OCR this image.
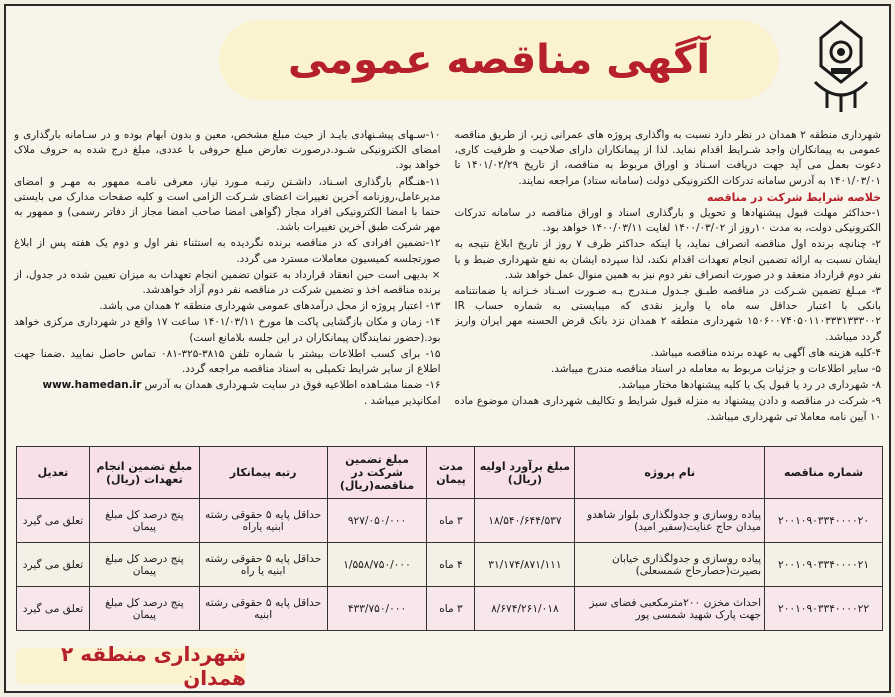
آگهی مناقصه عمومی

شهرداری منطقه ۲ همدان در نظر دارد نسبت به واگذاری پروژه های عمرانی زیر، از طریق مناقصه عمومی به پیمانکاران واجد شـرایط اقدام نماید. لذا از پیمانکاران دارای صلاحیت و ظرفیت کاری، دعوت بعمل می آید جهت دریافت اسـناد و اوراق مربوط به مناقصه، از تاریخ ۱۴۰۱/۰۲/۲۹ تا ۱۴۰۱/۰۳/۰۱ به آدرس سامانه تدرکات الکترونیکی دولت (سامانه ستاد) مراجعه نمایند.

خلاصه شرایط شرکت در مناقصه

۱-حداکثر مهلت قبول پیشنهادها و تحویل و بارگذاری اسناد و اوراق مناقصه در سامانه تدرکات الکترونیکی دولت، به مدت ۱۰روز از ۱۴۰۰/۰۳/۰۲ لغایت ۱۴۰۰/۰۳/۱۱ خواهد بود.

۲- چنانچه برنده اول مناقصه انصراف نماید، یا اینکه حداکثر ظرف ۷ روز از تاریخ ابلاغ نتیجه به ایشان نسبت به ارائه تضمین انجام تعهدات اقدام نکند، لذا سپرده ایشان به نفع شهرداری ضبط و با نفر دوم قرارداد منعقد و در صورت انصراف نفر دوم نیز به همین منوال عمل خواهد شد.

۳- مبـلغ تضمین شـرکت در مناقصه طبـق جـدول مـندرج بـه صـورت اسـناد خـزانه یا ضمانتنامه بانکی با اعتبار حداقل سه ماه یا واریز نقدی که میبایستی به شماره حساب IR ۱۵۰۶۰۰۷۴۰۵۰۱۱۰۳۳۳۱۳۳۳۰۰۲ شهرداری منطقه ۲ همدان نزد بانک قرض الحسنه مهر ایران واریز گردد میباشد.

۴-کلیه هزینه های آگهی به عهده برنده مناقصه میباشد.

۵- سایر اطلاعات و جزئیات مربوط به معامله در اسناد مناقصه مندرج میباشد.

۸- شهرداری در رد یا قبول یک یا کلیه پیشنهادها مختار میباشد.

۹- شرکت در مناقصه و دادن پیشنهاد به منزله قبول شرایط و تکالیف شهرداری همدان موضوع ماده ۱۰ آیین نامه معاملا تی شهرداری میباشد.

۱۰-سـهای پیشـنهادی بایـد از حیث مبلغ مشخص، معین و بدون ابهام بوده و در سـامانه بارگذاری و امضای الکترونیکی شـود.درصورت تعارض مبلغ حروفی با عددی، مبلغ درج شده به حروف ملاک خواهد بود.

۱۱-هنـگام بارگذاری اسـناد، داشـتن رتبـه مـورد نیاز، معرفی نامـه ممهور به مهـر و امضای مدیرعامل،روزنامه آخرین تغییرات اعضای شـرکت الزامی است و کلیه صفحات مدارک می بایستی حتما با امضا الکترونیکی افراد مجاز (گواهی امضا صاحب امضا مجاز از دفاتر رسمی) و ممهور به مهر شرکت طبق آخرین تغییرات باشد.

۱۲-تضمین افرادی که در مناقصه برنده نگردیده به استثناء نفر اول و دوم یک هفته پس از ابلاغ صورتجلسه کمیسیون معاملات مسترد می گردد.

× بدیهی است حین انعقاد قرارداد به عنوان تضمین انجام تعهدات به میزان تعیین شده در جدول، از برنده مناقصه اخذ و تضمین شرکت در مناقصه نفر دوم آزاد خواهدشد.

۱۳- اعتبار پروژه از محل درآمدهای عمومی شهرداری منطقه ۲ همدان می باشد.

۱۴- زمان و مکان بازگشایی پاکت ها مورخ ۱۴۰۱/۰۳/۱۱ ساعت ۱۷ واقع در شهرداری مرکزی خواهد بود.(حضور نمایندگان پیمانکاران در این جلسه بلامانع است)

۱۵- برای کسب اطلاعات بیشتر با شماره تلفن ۳۸۱۵-۳۲۵-۰۸۱ تماس حاصل نمایید .ضمنا جهت اطلاع از سایر شرایط تکمیلی به اسناد مناقصه مراجعه گردد.

۱۶- ضمنا مشـاهده اطلاعیه فوق در سایت شـهرداری همدان به آدرس www.hamedan.ir

امکانپذیر میباشد .

شماره مناقصه	نام پروژه	مبلغ برآورد اولیه (ریال)	مدت پیمان	مبلغ تضمین شرکت در مناقصه(ریال)	رتبه پیمانکار	مبلغ تضمین انجام تعهدات (ریال)	تعدیل
۲۰۰۱۰۹۰۳۳۴۰۰۰۰۲۰	پیاده روسازی و جدولگذاری بلوار شاهدو میدان حاج عنایت(سفیر امید)	۱۸/۵۴۰/۶۴۴/۵۳۷	۳ ماه	۹۲۷/۰۵۰/۰۰۰	حداقل پایه ۵ حقوقی رشته ابنیه یاراه	پنج درصد کل مبلغ پیمان	تعلق می گیرد
۲۰۰۱۰۹۰۳۳۴۰۰۰۰۲۱	پیاده روسازی و جدولگذاری خیابان بصیرت(حصارحاج شمسعلی)	۳۱/۱۷۴/۸۷۱/۱۱۱	۴ ماه	۱/۵۵۸/۷۵۰/۰۰۰	حداقل پایه ۵ حقوقی رشته ابنیه یا راه	پنج درصد کل مبلغ پیمان	تعلق می گیرد
۲۰۰۱۰۹۰۳۳۴۰۰۰۰۲۲	احداث مخزن ۲۰۰مترمکعبی فضای سبز جهت پارک شهید شمسی پور	۸/۶۷۴/۲۶۱/۰۱۸	۳ ماه	۴۳۳/۷۵۰/۰۰۰	حداقل پایه ۵ حقوقی رشته ابنیه	پنج درصد کل مبلغ پیمان	تعلق می گیرد
شهرداری منطقه ۲ همدان
